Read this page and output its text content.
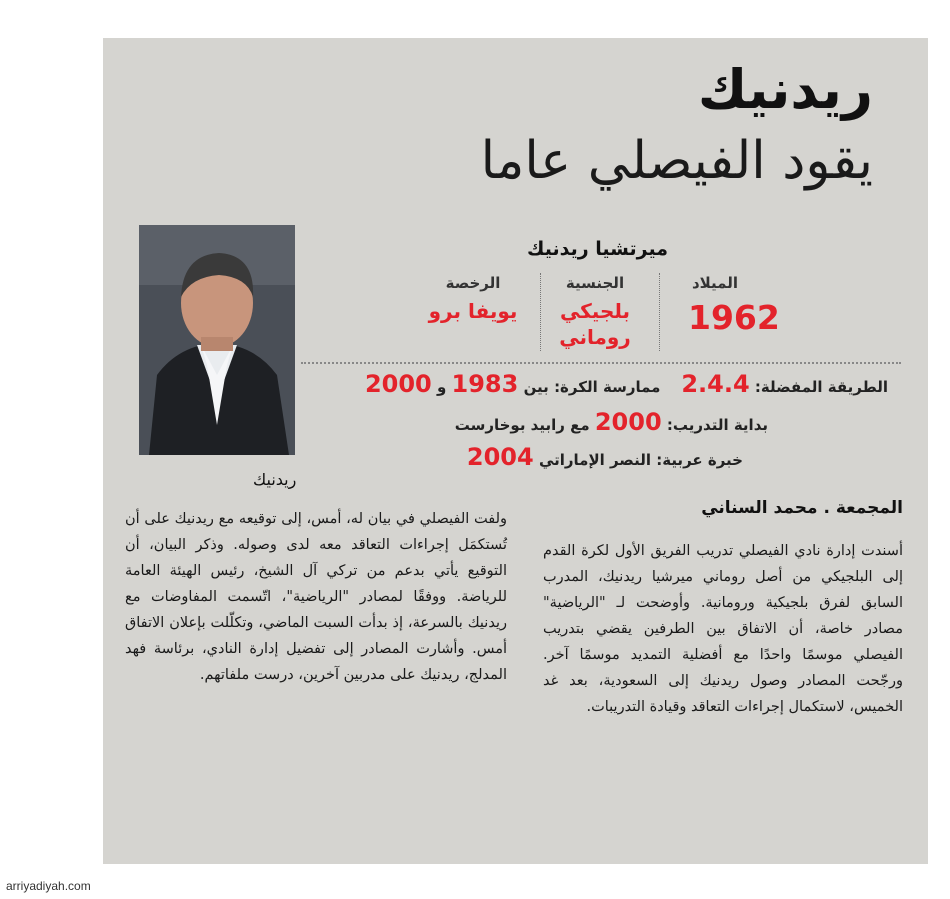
ريدنيك
يقود الفيصلي عاما
ريدنيك
ميرتشيا ريدنيك
الميلاد
1962
الجنسية
بلجيكي
روماني
الرخصة
يويفا برو
الطريقة المفضلة: 2.4.4    ممارسة الكرة: بين 1983 و 2000
بداية التدريب: 2000 مع رابيد بوخارست
خبرة عربية: النصر الإماراتي 2004
المجمعة . محمد السناني
أسندت إدارة نادي الفيصلي تدريب الفريق الأول لكرة القدم إلى البلجيكي من أصل روماني ميرشيا ريدنيك، المدرب السابق لفرق بلجيكية ورومانية. وأوضحت لـ "الرياضية" مصادر خاصة، أن الاتفاق بين الطرفين يقضي بتدريب الفيصلي موسمًا واحدًا مع أفضلية التمديد موسمًا آخر. ورجّحت المصادر وصول ريدنيك إلى السعودية، بعد غد الخميس، لاستكمال إجراءات التعاقد وقيادة التدريبات.
ولفت الفيصلي في بيان له، أمس، إلى توقيعه مع ريدنيك على أن تُستكمَل إجراءات التعاقد معه لدى وصوله. وذكر البيان، أن التوقيع يأتي بدعم من تركي آل الشيخ، رئيس الهيئة العامة للرياضة. ووفقًا لمصادر "الرياضية"، اتّسمت المفاوضات مع ريدنيك بالسرعة، إذ بدأت السبت الماضي، وتكلّلت بإعلان الاتفاق أمس. وأشارت المصادر إلى تفضيل إدارة النادي، برئاسة فهد المدلج، ريدنيك على مدربين آخرين، درست ملفاتهم.
arriyadiyah.com
